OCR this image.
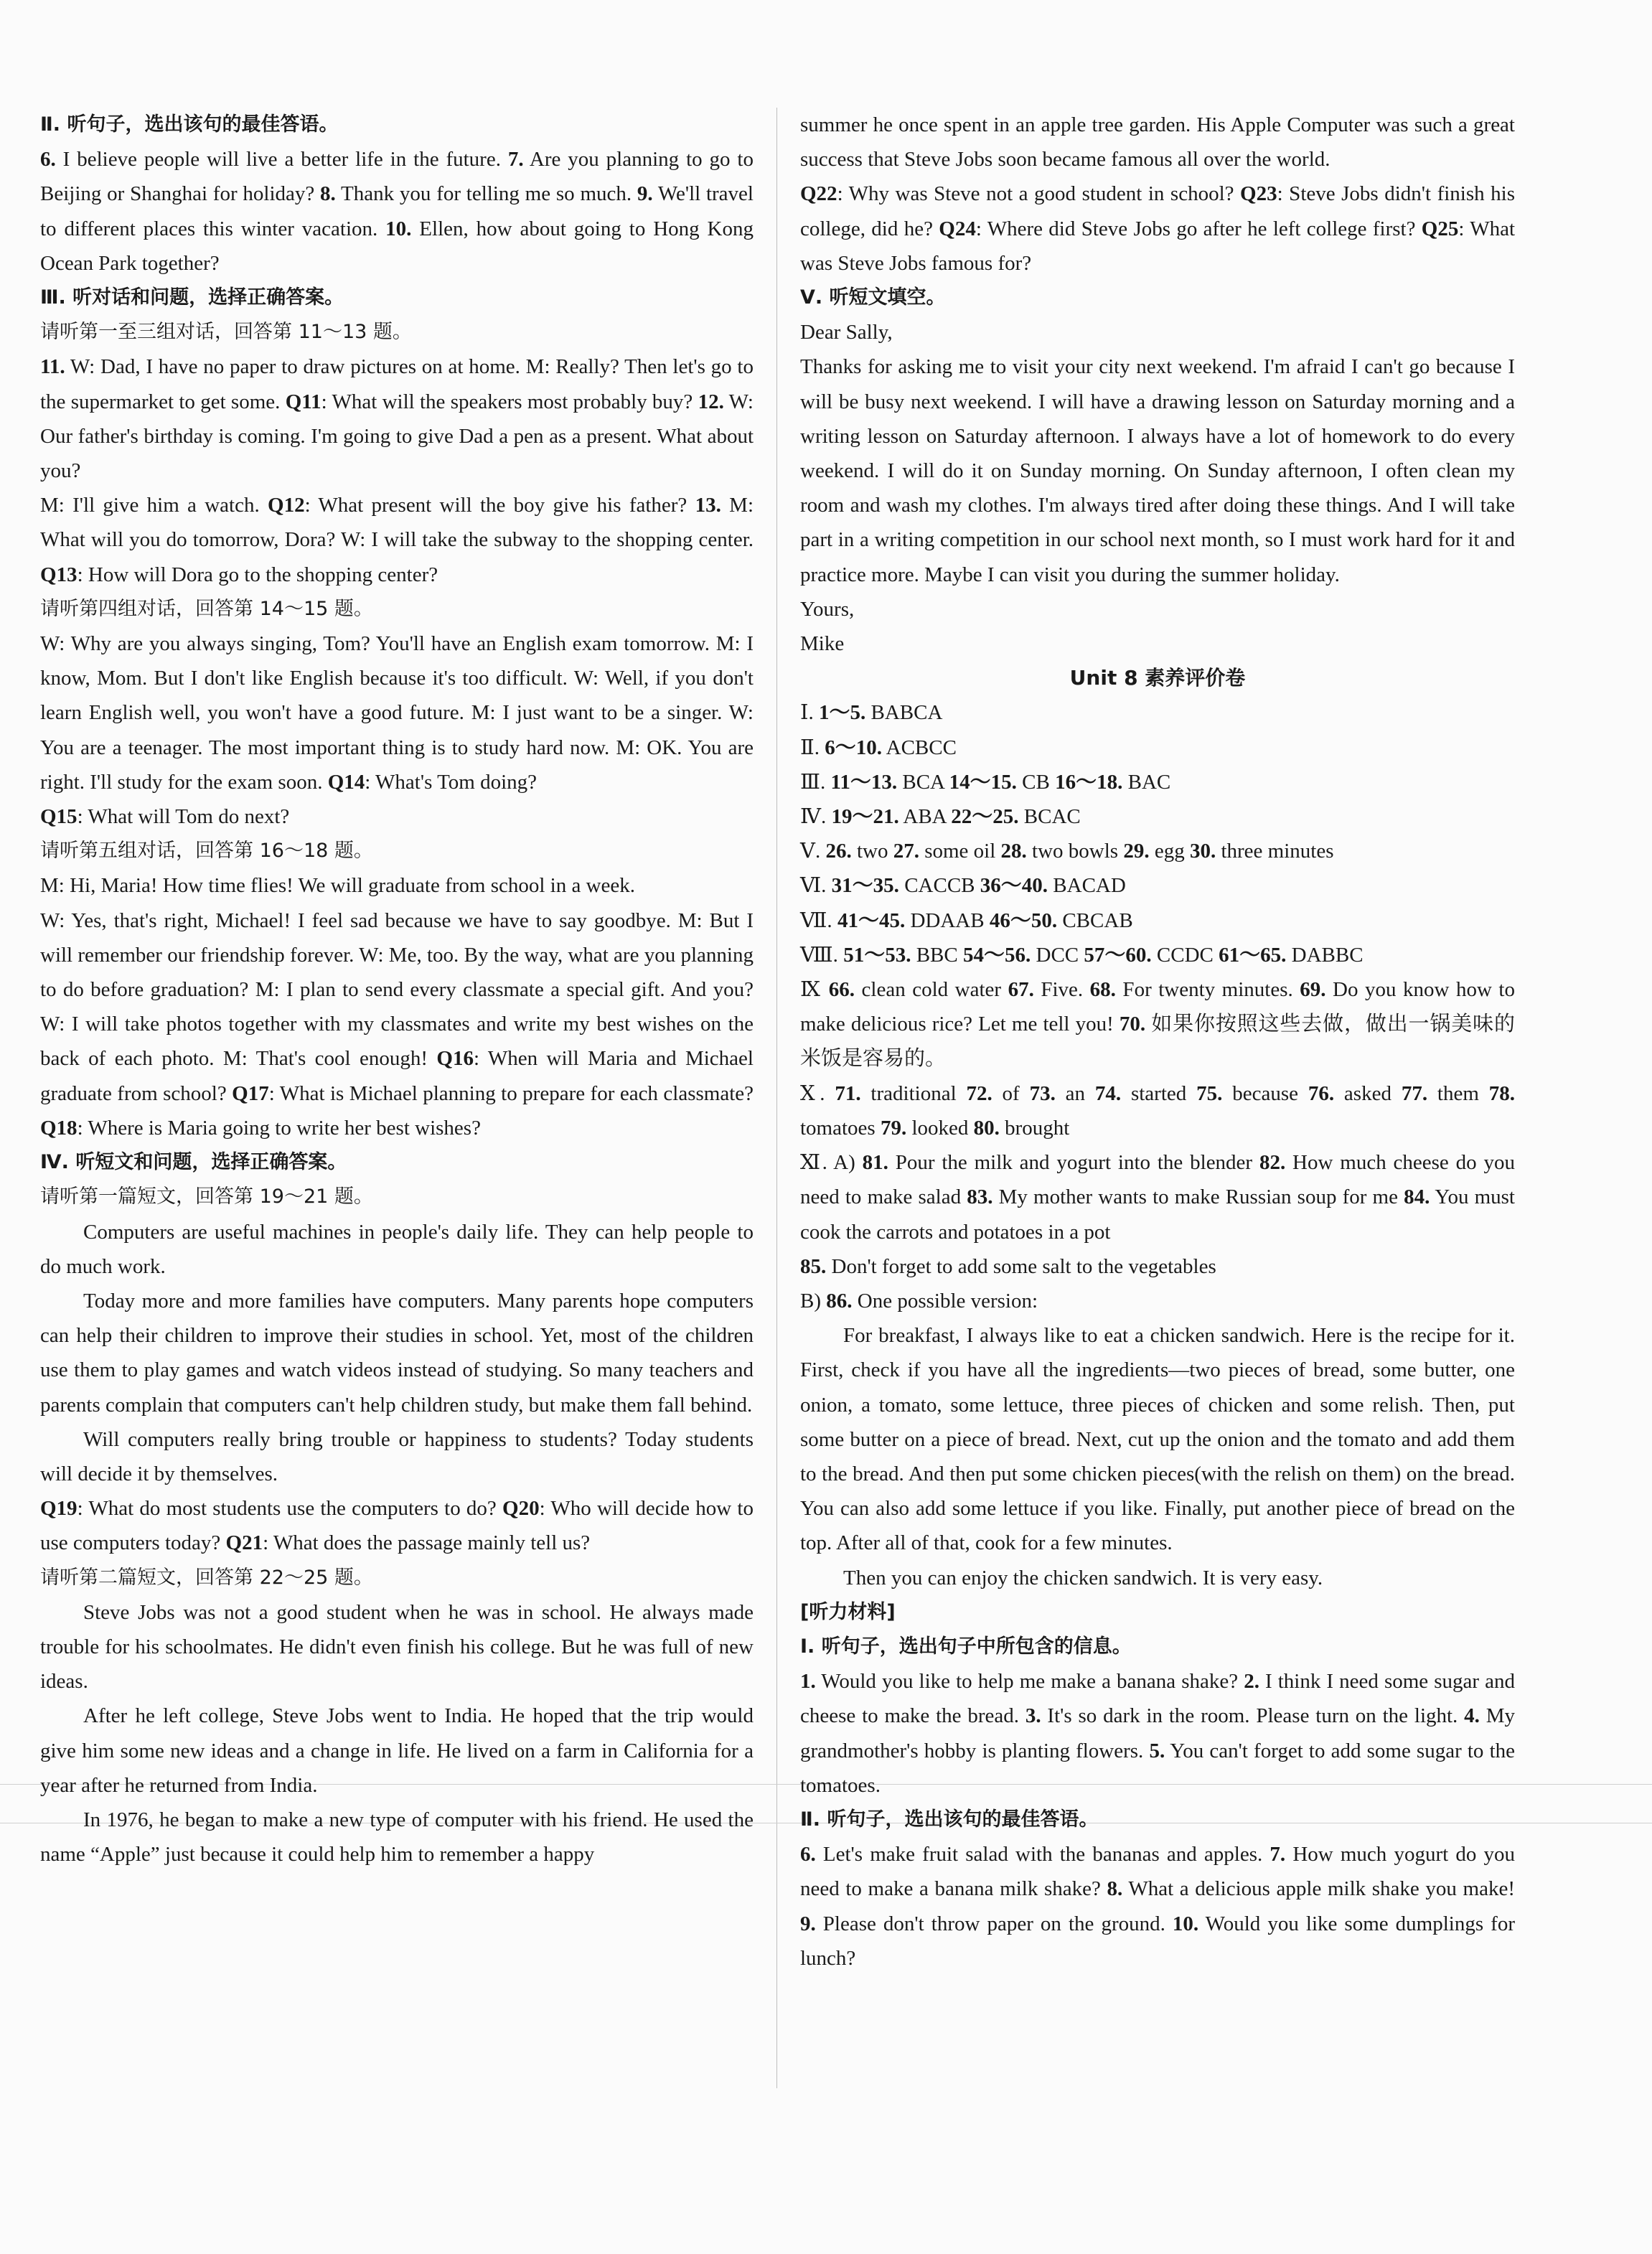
Ⅱ. 听句子，选出该句的最佳答语。

6. I believe people will live a better life in the future. 7. Are you planning to go to Beijing or Shanghai for holiday? 8. Thank you for telling me so much. 9. We'll travel to different places this winter vacation. 10. Ellen, how about going to Hong Kong Ocean Park together?

Ⅲ. 听对话和问题，选择正确答案。

请听第一至三组对话，回答第 11～13 题。

11. W: Dad, I have no paper to draw pictures on at home. M: Really? Then let's go to the supermarket to get some. Q11: What will the speakers most probably buy? 12. W: Our father's birthday is coming. I'm going to give Dad a pen as a present. What about you?

M: I'll give him a watch. Q12: What present will the boy give his father? 13. M: What will you do tomorrow, Dora? W: I will take the subway to the shopping center. Q13: How will Dora go to the shopping center?

请听第四组对话，回答第 14～15 题。

W: Why are you always singing, Tom? You'll have an English exam tomorrow. M: I know, Mom. But I don't like English because it's too difficult. W: Well, if you don't learn English well, you won't have a good future. M: I just want to be a singer. W: You are a teenager. The most important thing is to study hard now. M: OK. You are right. I'll study for the exam soon. Q14: What's Tom doing?

Q15: What will Tom do next?

请听第五组对话，回答第 16～18 题。

M: Hi, Maria! How time flies! We will graduate from school in a week.

W: Yes, that's right, Michael! I feel sad because we have to say goodbye. M: But I will remember our friendship forever. W: Me, too. By the way, what are you planning to do before graduation? M: I plan to send every classmate a special gift. And you? W: I will take photos together with my classmates and write my best wishes on the back of each photo. M: That's cool enough! Q16: When will Maria and Michael graduate from school? Q17: What is Michael planning to prepare for each classmate? Q18: Where is Maria going to write her best wishes?

Ⅳ. 听短文和问题，选择正确答案。

请听第一篇短文，回答第 19～21 题。

Computers are useful machines in people's daily life. They can help people to do much work.

Today more and more families have computers. Many parents hope computers can help their children to improve their studies in school. Yet, most of the children use them to play games and watch videos instead of studying. So many teachers and parents complain that computers can't help children study, but make them fall behind.

Will computers really bring trouble or happiness to students? Today students will decide it by themselves.

Q19: What do most students use the computers to do? Q20: Who will decide how to use computers today? Q21: What does the passage mainly tell us?

请听第二篇短文，回答第 22～25 题。

Steve Jobs was not a good student when he was in school. He always made trouble for his schoolmates. He didn't even finish his college. But he was full of new ideas.

After he left college, Steve Jobs went to India. He hoped that the trip would give him some new ideas and a change in life. He lived on a farm in California for a year after he returned from India.

In 1976, he began to make a new type of computer with his friend. He used the name “Apple” just because it could help him to remember a happy

summer he once spent in an apple tree garden. His Apple Computer was such a great success that Steve Jobs soon became famous all over the world.

Q22: Why was Steve not a good student in school? Q23: Steve Jobs didn't finish his college, did he? Q24: Where did Steve Jobs go after he left college first? Q25: What was Steve Jobs famous for?

Ⅴ. 听短文填空。

Dear Sally,

Thanks for asking me to visit your city next weekend. I'm afraid I can't go because I will be busy next weekend. I will have a drawing lesson on Saturday morning and a writing lesson on Saturday afternoon. I always have a lot of homework to do every weekend. I will do it on Sunday morning. On Sunday afternoon, I often clean my room and wash my clothes. I'm always tired after doing these things. And I will take part in a writing competition in our school next month, so I must work hard for it and practice more. Maybe I can visit you during the summer holiday.

Yours,

Mike

Unit 8 素养评价卷

Ⅰ. 1～5. BABCA

Ⅱ. 6～10. ACBCC

Ⅲ. 11～13. BCA 14～15. CB 16～18. BAC

Ⅳ. 19～21. ABA 22～25. BCAC

Ⅴ. 26. two 27. some oil 28. two bowls 29. egg 30. three minutes

Ⅵ. 31～35. CACCB 36～40. BACAD

Ⅶ. 41～45. DDAAB 46～50. CBCAB

Ⅷ. 51～53. BBC 54～56. DCC 57～60. CCDC 61～65. DABBC

Ⅸ 66. clean cold water 67. Five. 68. For twenty minutes. 69. Do you know how to make delicious rice? Let me tell you! 70. 如果你按照这些去做，做出一锅美味的米饭是容易的。

Ⅹ. 71. traditional 72. of 73. an 74. started 75. because 76. asked 77. them 78. tomatoes 79. looked 80. brought

Ⅺ. A) 81. Pour the milk and yogurt into the blender 82. How much cheese do you need to make salad 83. My mother wants to make Russian soup for me 84. You must cook the carrots and potatoes in a pot

85. Don't forget to add some salt to the vegetables

B) 86. One possible version:

For breakfast, I always like to eat a chicken sandwich. Here is the recipe for it. First, check if you have all the ingredients—two pieces of bread, some butter, one onion, a tomato, some lettuce, three pieces of chicken and some relish. Then, put some butter on a piece of bread. Next, cut up the onion and the tomato and add them to the bread. And then put some chicken pieces(with the relish on them) on the bread. You can also add some lettuce if you like. Finally, put another piece of bread on the top. After all of that, cook for a few minutes.

Then you can enjoy the chicken sandwich. It is very easy.

[听力材料]

Ⅰ. 听句子，选出句子中所包含的信息。

1. Would you like to help me make a banana shake? 2. I think I need some sugar and cheese to make the bread. 3. It's so dark in the room. Please turn on the light. 4. My grandmother's hobby is planting flowers. 5. You can't forget to add some sugar to the tomatoes.

Ⅱ. 听句子，选出该句的最佳答语。

6. Let's make fruit salad with the bananas and apples. 7. How much yogurt do you need to make a banana milk shake? 8. What a delicious apple milk shake you make! 9. Please don't throw paper on the ground. 10. Would you like some dumplings for lunch?
